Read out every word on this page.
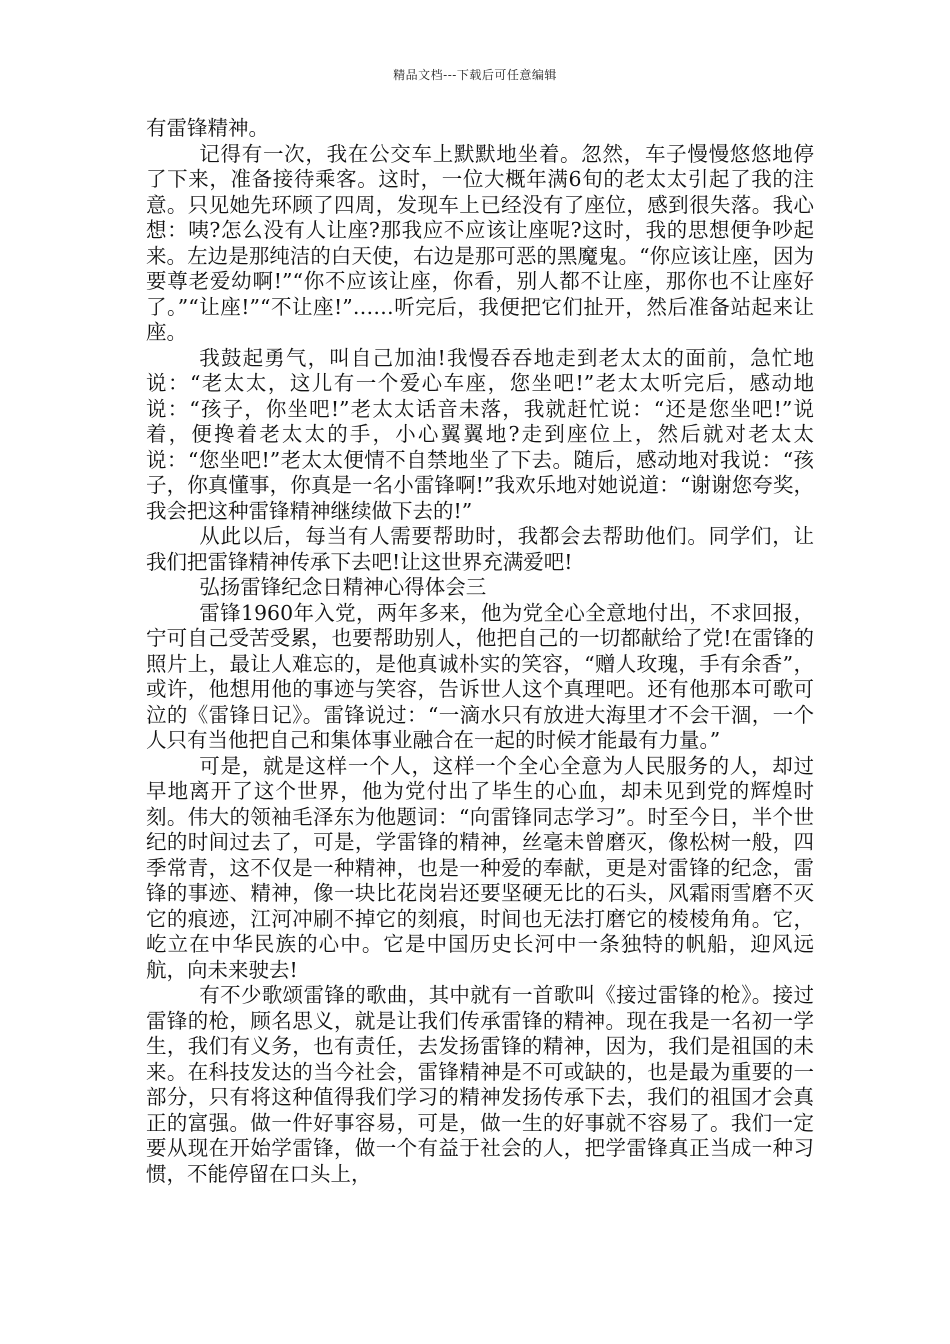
精品文档---下载后可任意编辑

有雷锋精神。

记得有一次，我在公交车上默默地坐着。忽然，车子慢慢悠悠地停了下来，准备接待乘客。这时，一位大概年满6旬的老太太引起了我的注意。只见她先环顾了四周，发现车上已经没有了座位，感到很失落。我心想：咦?怎么没有人让座?那我应不应该让座呢?这时，我的思想便争吵起来。左边是那纯洁的白天使，右边是那可恶的黑魔鬼。“你应该让座，因为要尊老爱幼啊!”“你不应该让座，你看，别人都不让座，那你也不让座好了。”“让座!”“不让座!”……听完后，我便把它们扯开，然后准备站起来让座。

我鼓起勇气，叫自己加油!我慢吞吞地走到老太太的面前，急忙地说：“老太太，这儿有一个爱心车座，您坐吧!”老太太听完后，感动地说：“孩子，你坐吧!”老太太话音未落，我就赶忙说：“还是您坐吧!”说着，便搀着老太太的手，小心翼翼地?走到座位上，然后就对老太太说：“您坐吧!”老太太便情不自禁地坐了下去。随后，感动地对我说：“孩子，你真懂事，你真是一名小雷锋啊!”我欢乐地对她说道：“谢谢您夸奖，我会把这种雷锋精神继续做下去的!”

从此以后，每当有人需要帮助时，我都会去帮助他们。同学们，让我们把雷锋精神传承下去吧!让这世界充满爱吧!

弘扬雷锋纪念日精神心得体会三

雷锋1960年入党，两年多来，他为党全心全意地付出，不求回报，宁可自己受苦受累，也要帮助别人，他把自己的一切都献给了党!在雷锋的照片上，最让人难忘的，是他真诚朴实的笑容，“赠人玫瑰，手有余香”，或许，他想用他的事迹与笑容，告诉世人这个真理吧。还有他那本可歌可泣的《雷锋日记》。雷锋说过：“一滴水只有放进大海里才不会干涸，一个人只有当他把自己和集体事业融合在一起的时候才能最有力量。”

可是，就是这样一个人，这样一个全心全意为人民服务的人，却过早地离开了这个世界，他为党付出了毕生的心血，却未见到党的辉煌时刻。伟大的领袖毛泽东为他题词：“向雷锋同志学习”。时至今日，半个世纪的时间过去了，可是，学雷锋的精神，丝毫未曾磨灭，像松树一般，四季常青，这不仅是一种精神，也是一种爱的奉献，更是对雷锋的纪念，雷锋的事迹、精神，像一块比花岗岩还要坚硬无比的石头，风霜雨雪磨不灭它的痕迹，江河冲刷不掉它的刻痕，时间也无法打磨它的棱棱角角。它，屹立在中华民族的心中。它是中国历史长河中一条独特的帆船，迎风远航，向未来驶去!

有不少歌颂雷锋的歌曲，其中就有一首歌叫《接过雷锋的枪》。接过雷锋的枪，顾名思义，就是让我们传承雷锋的精神。现在我是一名初一学生，我们有义务，也有责任，去发扬雷锋的精神，因为，我们是祖国的未来。在科技发达的当今社会，雷锋精神是不可或缺的，也是最为重要的一部分，只有将这种值得我们学习的精神发扬传承下去，我们的祖国才会真正的富强。做一件好事容易，可是，做一生的好事就不容易了。我们一定要从现在开始学雷锋，做一个有益于社会的人，把学雷锋真正当成一种习惯，不能停留在口头上，
